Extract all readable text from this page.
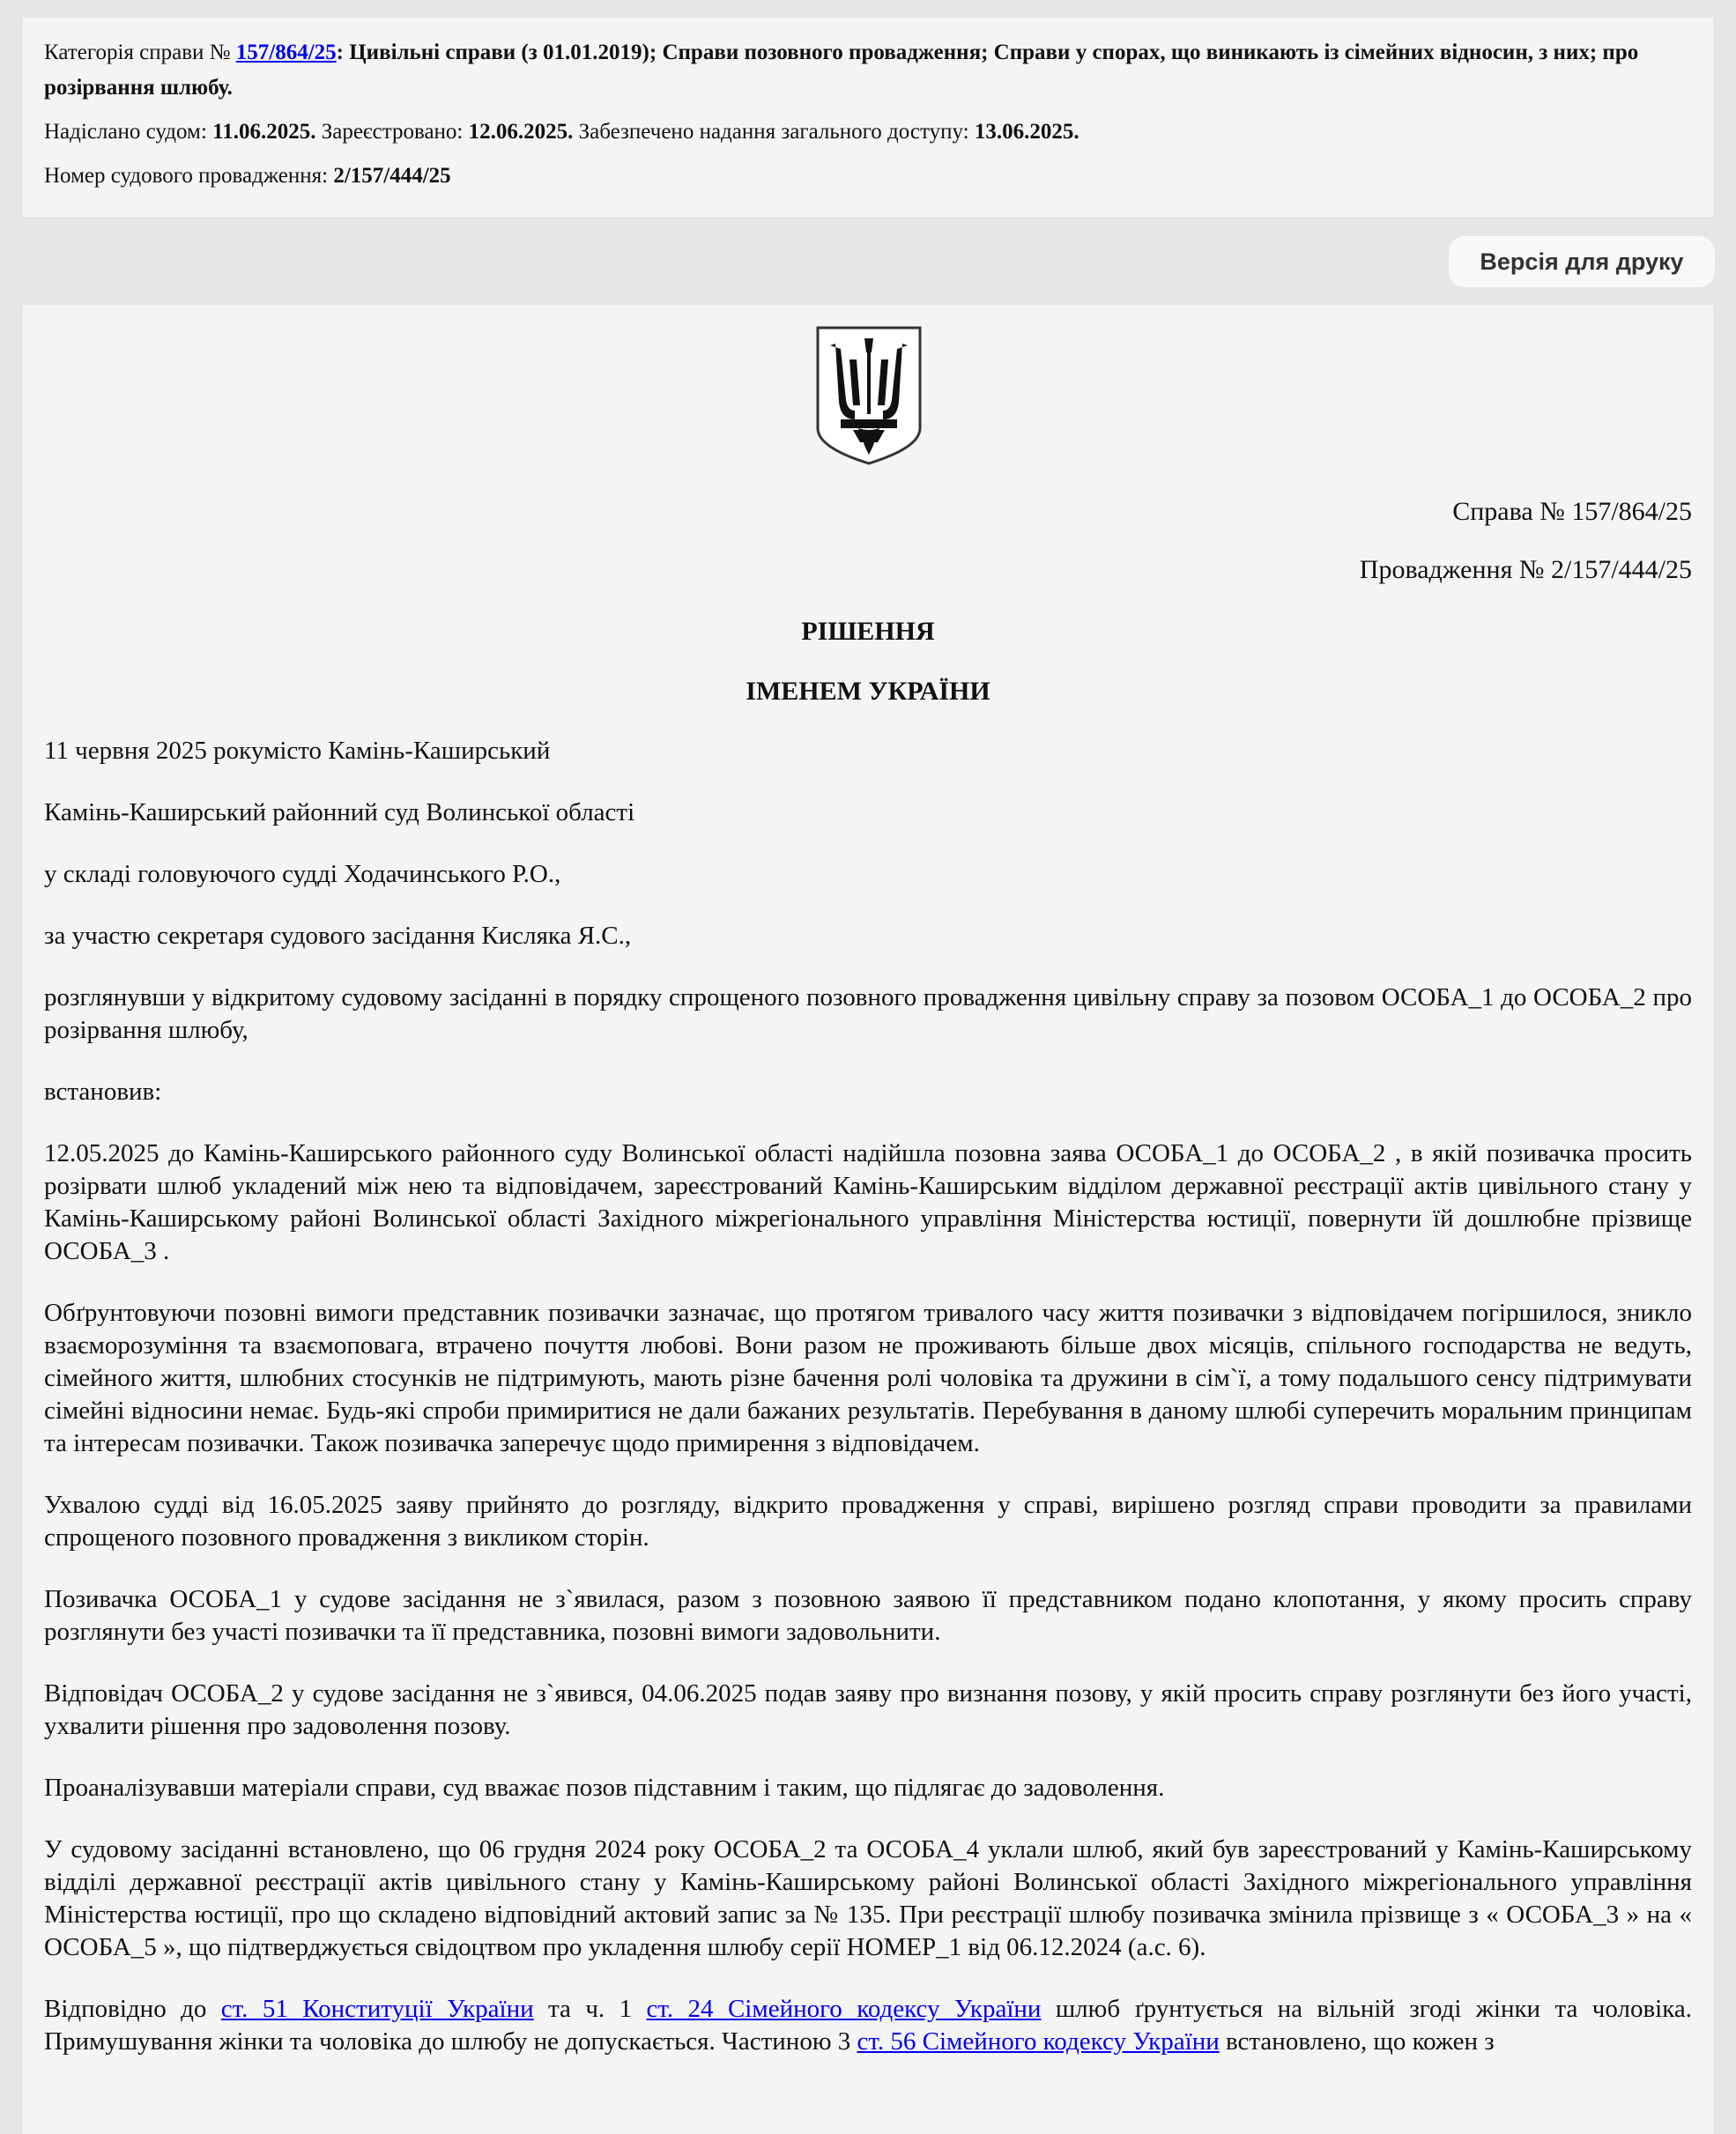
Категорія справи № 157/864/25: Цивільні справи (з 01.01.2019); Справи позовного провадження; Справи у спорах, що виникають із сімейних відносин, з них; про розірвання шлюбу.
Надіслано судом: 11.06.2025. Зареєстровано: 12.06.2025. Забезпечено надання загального доступу: 13.06.2025.
Номер судового провадження: 2/157/444/25
Версія для друку

Справа № 157/864/25

Провадження № 2/157/444/25

РІШЕННЯ

ІМЕНЕМ УКРАЇНИ

11 червня 2025 рокумісто Камінь-Каширський

Камінь-Каширський районний суд Волинської області

у складі головуючого судді Ходачинського Р.О.,

за участю секретаря судового засідання Кисляка Я.С.,

розглянувши у відкритому судовому засіданні в порядку спрощеного позовного провадження цивільну справу за позовом ОСОБА_1 до ОСОБА_2 про розірвання шлюбу,

встановив:

12.05.2025 до Камінь-Каширського районного суду Волинської області надійшла позовна заява ОСОБА_1 до ОСОБА_2 , в якій позивачка просить розірвати шлюб укладений між нею та відповідачем, зареєстрований Камінь-Каширським відділом державної реєстрації актів цивільного стану у Камінь-Каширському районі Волинської області Західного міжрегіонального управління Міністерства юстиції, повернути їй дошлюбне прізвище ОСОБА_3 .

Обґрунтовуючи позовні вимоги представник позивачки зазначає, що протягом тривалого часу життя позивачки з відповідачем погіршилося, зникло взаєморозуміння та взаємоповага, втрачено почуття любові. Вони разом не проживають більше двох місяців, спільного господарства не ведуть, сімейного життя, шлюбних стосунків не підтримують, мають різне бачення ролі чоловіка та дружини в сім`ї, а тому подальшого сенсу підтримувати сімейні відносини немає. Будь-які спроби примиритися не дали бажаних результатів. Перебування в даному шлюбі суперечить моральним принципам та інтересам позивачки. Також позивачка заперечує щодо примирення з відповідачем.

Ухвалою судді від 16.05.2025 заяву прийнято до розгляду, відкрито провадження у справі, вирішено розгляд справи проводити за правилами спрощеного позовного провадження з викликом сторін.

Позивачка ОСОБА_1 у судове засідання не з`явилася, разом з позовною заявою її представником подано клопотання, у якому просить справу розглянути без участі позивачки та її представника, позовні вимоги задовольнити.

Відповідач ОСОБА_2 у судове засідання не з`явився, 04.06.2025 подав заяву про визнання позову, у якій просить справу розглянути без його участі, ухвалити рішення про задоволення позову.

Проаналізувавши матеріали справи, суд вважає позов підставним і таким, що підлягає до задоволення.

У судовому засіданні встановлено, що 06 грудня 2024 року ОСОБА_2 та ОСОБА_4 уклали шлюб, який був зареєстрований у Камінь-Каширському відділі державної реєстрації актів цивільного стану у Камінь-Каширському районі Волинської області Західного міжрегіонального управління Міністерства юстиції, про що складено відповідний актовий запис за № 135. При реєстрації шлюбу позивачка змінила прізвище з « ОСОБА_3 » на « ОСОБА_5 », що підтверджується свідоцтвом про укладення шлюбу серії НОМЕР_1 від 06.12.2024 (а.с. 6).

Відповідно до ст. 51 Конституції України та ч. 1 ст. 24 Сімейного кодексу України шлюб ґрунтується на вільній згоді жінки та чоловіка. Примушування жінки та чоловіка до шлюбу не допускається. Частиною 3 ст. 56 Сімейного кодексу України встановлено, що кожен з
